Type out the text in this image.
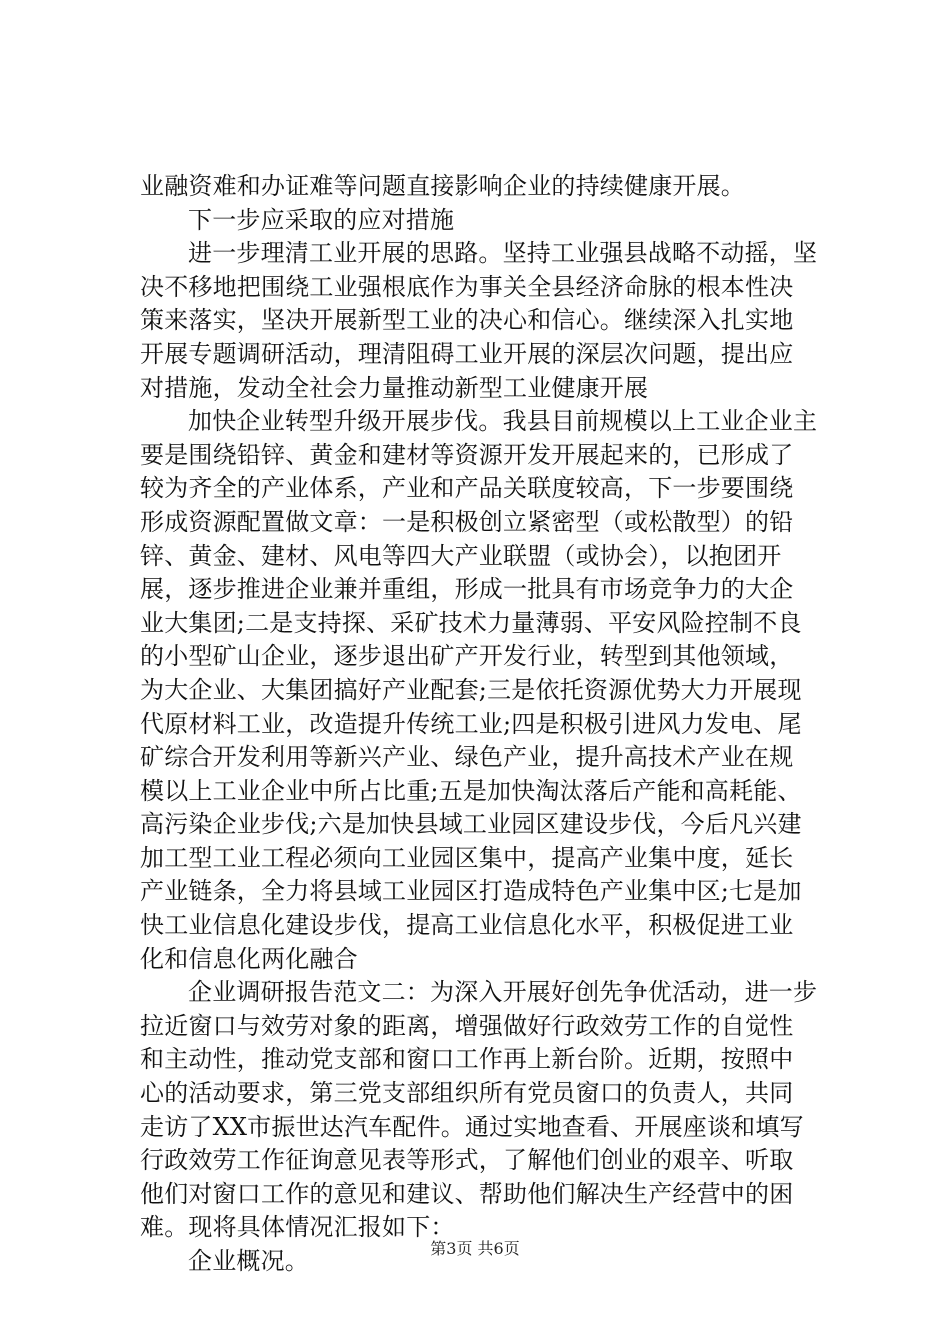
业融资难和办证难等问题直接影响企业的持续健康开展。
下一步应采取的应对措施
进一步理清工业开展的思路。坚持工业强县战略不动摇，坚
决不移地把围绕工业强根底作为事关全县经济命脉的根本性决
策来落实，坚决开展新型工业的决心和信心。继续深入扎实地
开展专题调研活动，理清阻碍工业开展的深层次问题，提出应
对措施，发动全社会力量推动新型工业健康开展
加快企业转型升级开展步伐。我县目前规模以上工业企业主
要是围绕铅锌、黄金和建材等资源开发开展起来的，已形成了
较为齐全的产业体系，产业和产品关联度较高，下一步要围绕
形成资源配置做文章：一是积极创立紧密型（或松散型）的铅
锌、黄金、建材、风电等四大产业联盟（或协会），以抱团开
展，逐步推进企业兼并重组，形成一批具有市场竞争力的大企
业大集团;二是支持探、采矿技术力量薄弱、平安风险控制不良
的小型矿山企业，逐步退出矿产开发行业，转型到其他领域，
为大企业、大集团搞好产业配套;三是依托资源优势大力开展现
代原材料工业，改造提升传统工业;四是积极引进风力发电、尾
矿综合开发利用等新兴产业、绿色产业，提升高技术产业在规
模以上工业企业中所占比重;五是加快淘汰落后产能和高耗能、
高污染企业步伐;六是加快县域工业园区建设步伐，今后凡兴建
加工型工业工程必须向工业园区集中，提高产业集中度，延长
产业链条，全力将县域工业园区打造成特色产业集中区;七是加
快工业信息化建设步伐，提高工业信息化水平，积极促进工业
化和信息化两化融合
企业调研报告范文二：为深入开展好创先争优活动，进一步
拉近窗口与效劳对象的距离，增强做好行政效劳工作的自觉性
和主动性，推动党支部和窗口工作再上新台阶。近期，按照中
心的活动要求，第三党支部组织所有党员窗口的负责人，共同
走访了XX市振世达汽车配件。通过实地查看、开展座谈和填写
行政效劳工作征询意见表等形式，了解他们创业的艰辛、听取
他们对窗口工作的意见和建议、帮助他们解决生产经营中的困
难。现将具体情况汇报如下：
企业概况。	第3页 共6页
